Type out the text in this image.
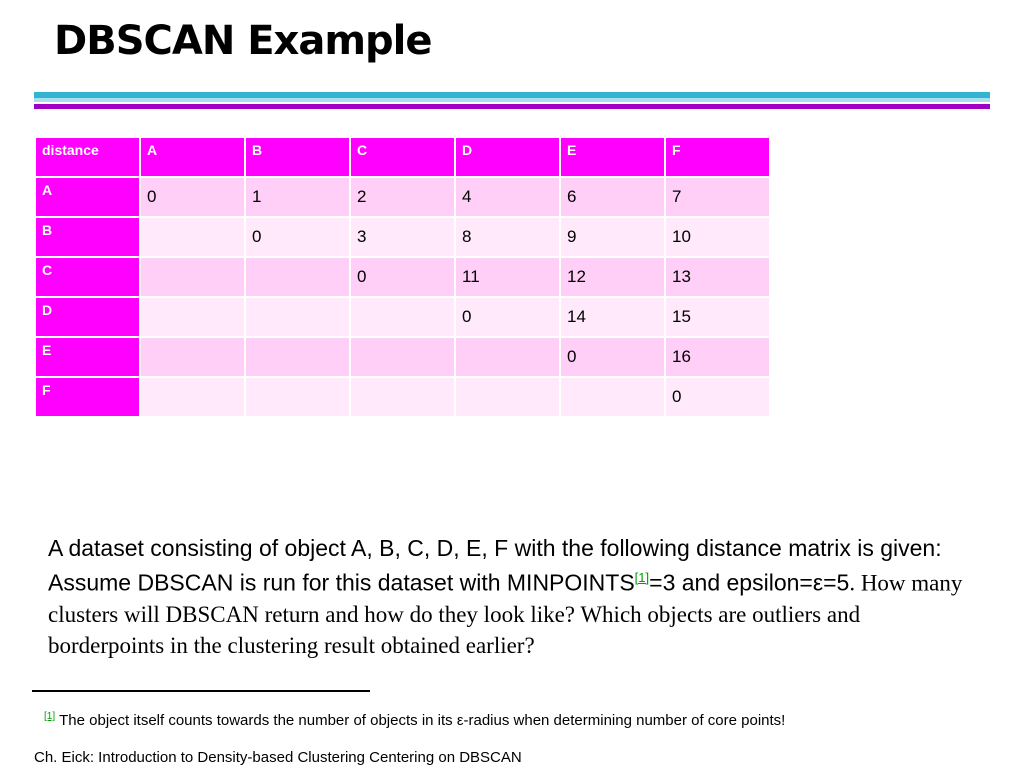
DBSCAN Example
distance	A	B	C	D	E	F
A	0	1	2	4	6	7
B		0	3	8	9	10
C			0	11	12	13
D				0	14	15
E					0	16
F						0

A dataset consisting of object A, B, C, D, E, F with the following distance matrix is given: Assume DBSCAN is run for this dataset with MINPOINTS[1]=3 and epsilon=ε=5. How many clusters will DBSCAN return and how do they look like? Which objects are outliers and borderpoints in the clustering result obtained earlier?

[1] The object itself counts towards the number of objects in its ε-radius when determining number of core points!

Ch. Eick: Introduction to Density-based Clustering Centering on DBSCAN
